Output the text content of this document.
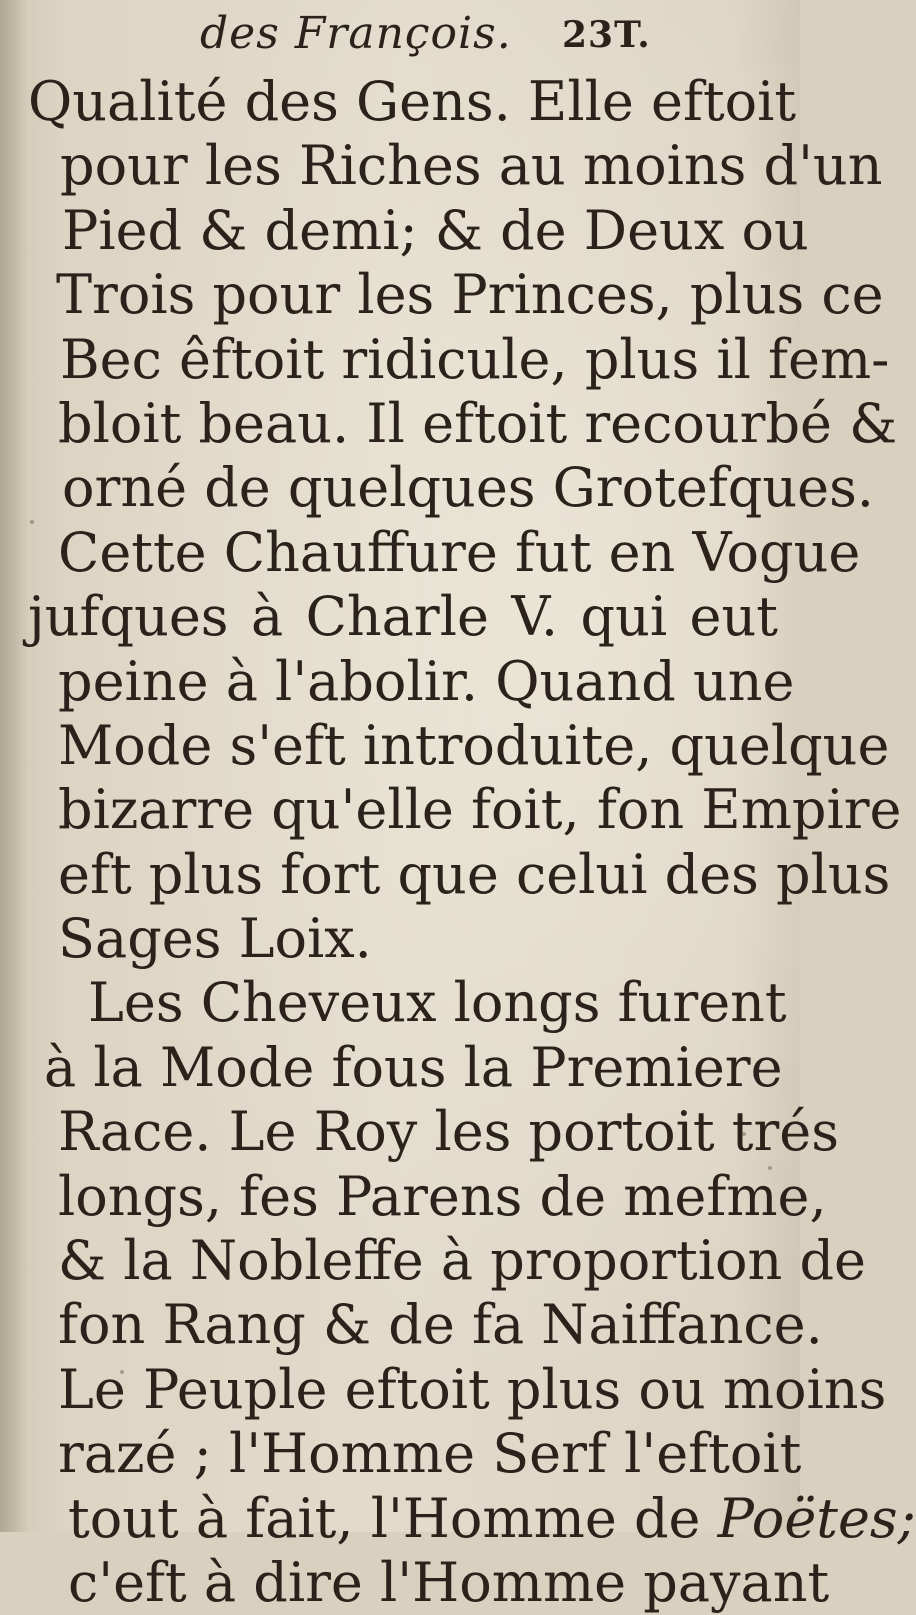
des François. 23T.
Qualité des Gens. Elle eftoit
pour les Riches au moins d'un
Pied & demi; & de Deux ou
Trois pour les Princes, plus ce
Bec êftoit ridicule, plus il fem-
bloit beau. Il eftoit recourbé &
orné de quelques Grotefques.
Cette Chauffure fut en Vogue
jufques à Charle V. qui eut
peine à l'abolir. Quand une
Mode s'eft introduite, quelque
bizarre qu'elle foit, fon Empire
eft plus fort que celui des plus
Sages Loix.
Les Cheveux longs furent
à la Mode fous la Premiere
Race. Le Roy les portoit trés
longs, fes Parens de mefme,
& la Nobleffe à proportion de
fon Rang & de fa Naiffance.
Le Peuple eftoit plus ou moins
razé ; l'Homme Serf l'eftoit
tout à fait, l'Homme de Poëtes;
c'eft à dire l'Homme payant
